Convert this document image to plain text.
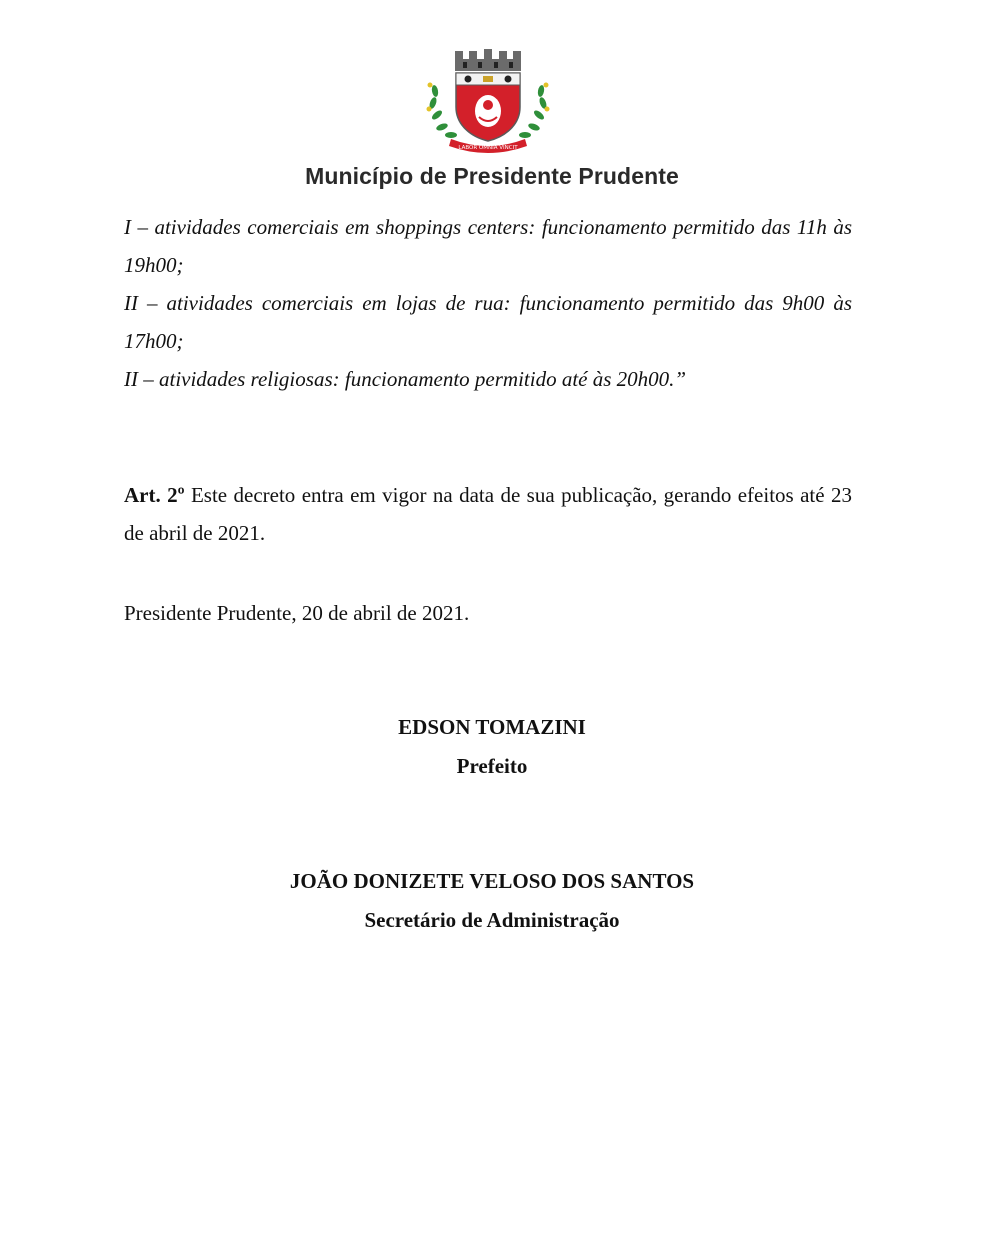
LABOR OMNIA VINCIT
Município de Presidente Prudente

I – atividades comerciais em shoppings centers: funcionamento permitido das 11h às 19h00;

II – atividades comerciais em lojas de rua: funcionamento permitido das 9h00 às 17h00;

II – atividades religiosas: funcionamento permitido até às 20h00.”

Art. 2º Este decreto entra em vigor na data de sua publicação, gerando efeitos até 23 de abril de 2021.

Presidente Prudente, 20 de abril de 2021.
EDSON TOMAZINI
Prefeito
JOÃO DONIZETE VELOSO DOS SANTOS
Secretário de Administração
